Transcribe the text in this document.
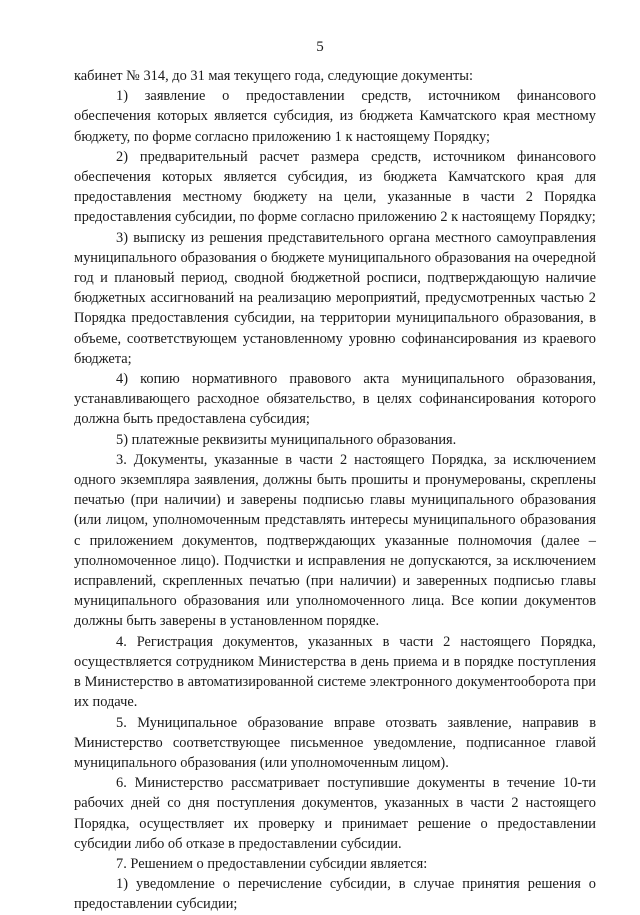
5

кабинет № 314, до 31 мая текущего года, следующие документы:

1) заявление о предоставлении средств, источником финансового обеспечения которых является субсидия, из бюджета Камчатского края местному бюджету, по форме согласно приложению 1 к настоящему Порядку;

2) предварительный расчет размера средств, источником финансового обеспечения которых является субсидия, из бюджета Камчатского края для предоставления местному бюджету на цели, указанные в части 2 Порядка предоставления субсидии, по форме согласно приложению 2 к настоящему Порядку;

3) выписку из решения представительного органа местного самоуправления муниципального образования о бюджете муниципального образования на очередной год и плановый период, сводной бюджетной росписи, подтверждающую наличие бюджетных ассигнований на реализацию мероприятий, предусмотренных частью 2 Порядка предоставления субсидии, на территории муниципального образования, в объеме, соответствующем установленному уровню софинансирования из краевого бюджета;

4) копию нормативного правового акта муниципального образования, устанавливающего расходное обязательство, в целях софинансирования которого должна быть предоставлена субсидия;

5) платежные реквизиты муниципального образования.

3. Документы, указанные в части 2 настоящего Порядка, за исключением одного экземпляра заявления, должны быть прошиты и пронумерованы, скреплены печатью (при наличии) и заверены подписью главы муниципального образования (или лицом, уполномоченным представлять интересы муниципального образования с приложением документов, подтверждающих указанные полномочия (далее – уполномоченное лицо). Подчистки и исправления не допускаются, за исключением исправлений, скрепленных печатью (при наличии) и заверенных подписью главы муниципального образования или уполномоченного лица. Все копии документов должны быть заверены в установленном порядке.

4. Регистрация документов, указанных в части 2 настоящего Порядка, осуществляется сотрудником Министерства в день приема и в порядке поступления в Министерство в автоматизированной системе электронного документооборота при их подаче.

5. Муниципальное образование вправе отозвать заявление, направив в Министерство соответствующее письменное уведомление, подписанное главой муниципального образования (или уполномоченным лицом).

6. Министерство рассматривает поступившие документы в течение 10-ти рабочих дней со дня поступления документов, указанных в части 2 настоящего Порядка, осуществляет их проверку и принимает решение о предоставлении субсидии либо об отказе в предоставлении субсидии.

7. Решением о предоставлении субсидии является:

1) уведомление о перечисление субсидии, в случае принятия решения о предоставлении субсидии;
